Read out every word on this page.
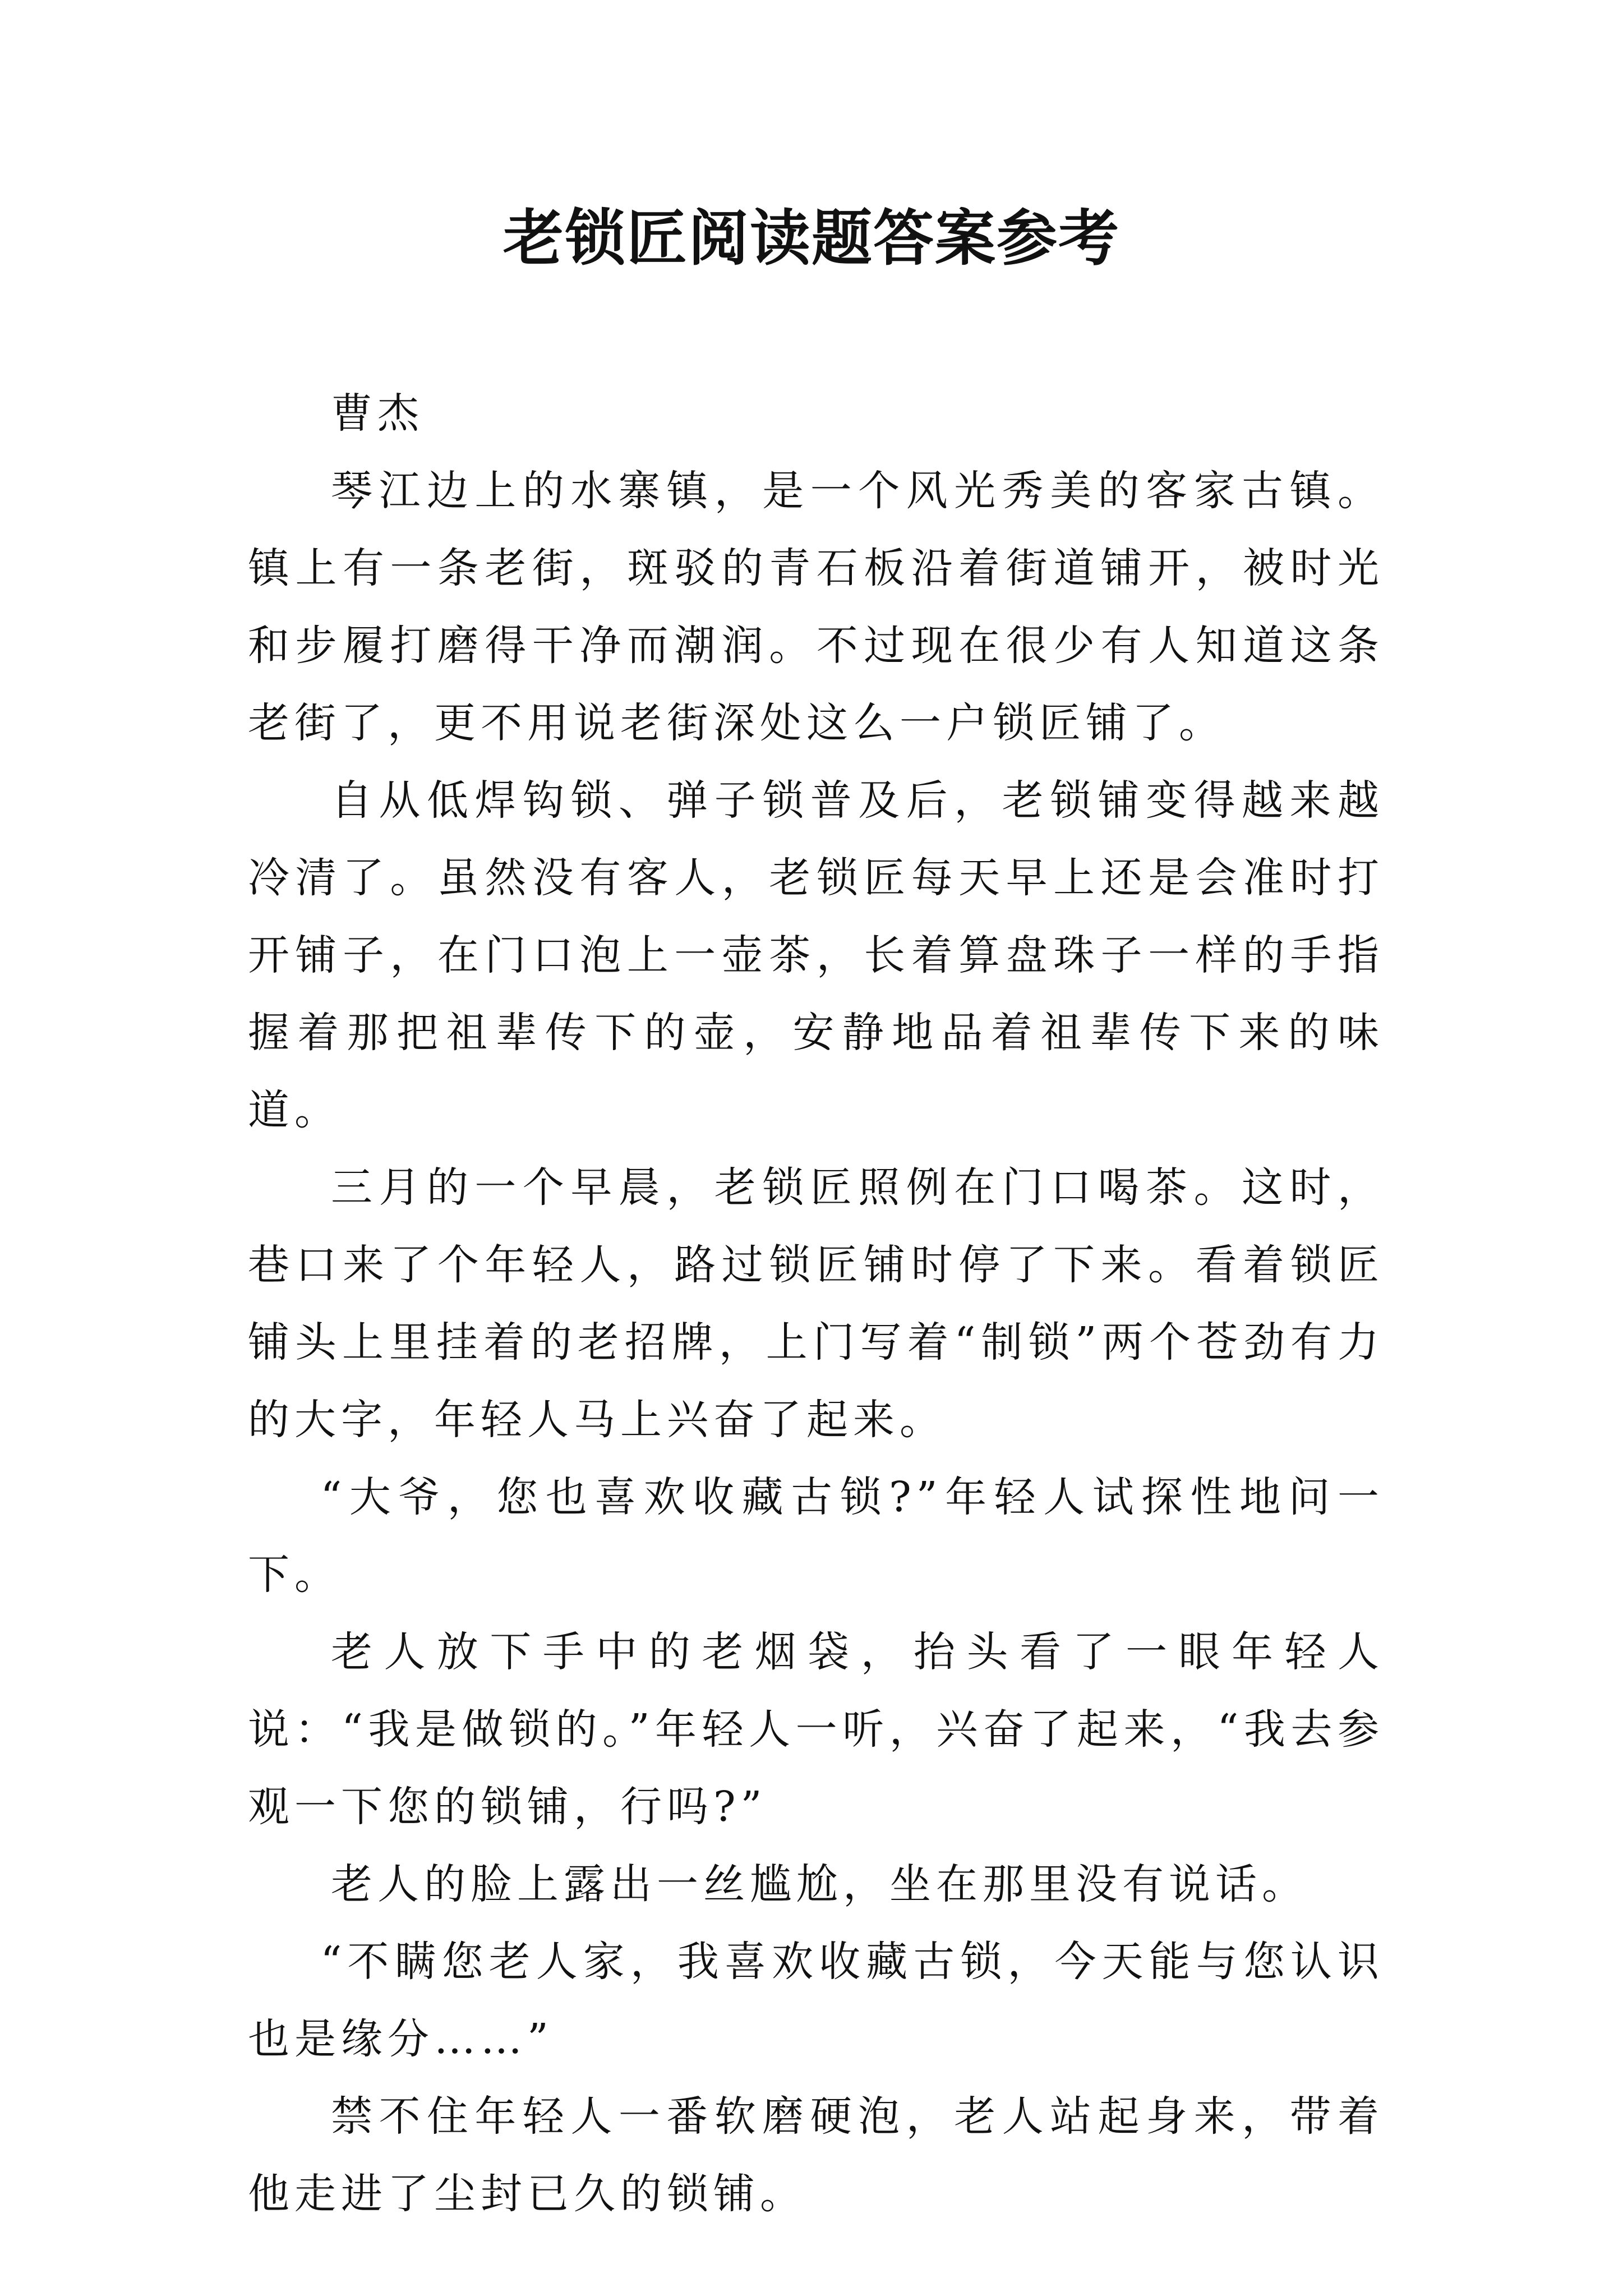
老锁匠阅读题答案参考

曹杰

琴江边上的水寨镇，是一个风光秀美的客家古镇。镇上有一条老街，斑驳的青石板沿着街道铺开，被时光和步履打磨得干净而潮润。不过现在很少有人知道这条老街了，更不用说老街深处这么一户锁匠铺了。

自从低焊钩锁、弹子锁普及后，老锁铺变得越来越冷清了。虽然没有客人，老锁匠每天早上还是会准时打开铺子，在门口泡上一壶茶，长着算盘珠子一样的手指握着那把祖辈传下的壶，安静地品着祖辈传下来的味道。

三月的一个早晨，老锁匠照例在门口喝茶。这时，巷口来了个年轻人，路过锁匠铺时停了下来。看着锁匠铺头上里挂着的老招牌，上门写着“制锁”两个苍劲有力的大字，年轻人马上兴奋了起来。

“大爷，您也喜欢收藏古锁?”年轻人试探性地问一下。

老人放下手中的老烟袋，抬头看了一眼年轻人说：“我是做锁的。”年轻人一听，兴奋了起来，“我去参观一下您的锁铺，行吗?”

老人的脸上露出一丝尴尬，坐在那里没有说话。

“不瞒您老人家，我喜欢收藏古锁，今天能与您认识也是缘分……”

禁不住年轻人一番软磨硬泡，老人站起身来，带着他走进了尘封已久的锁铺。
